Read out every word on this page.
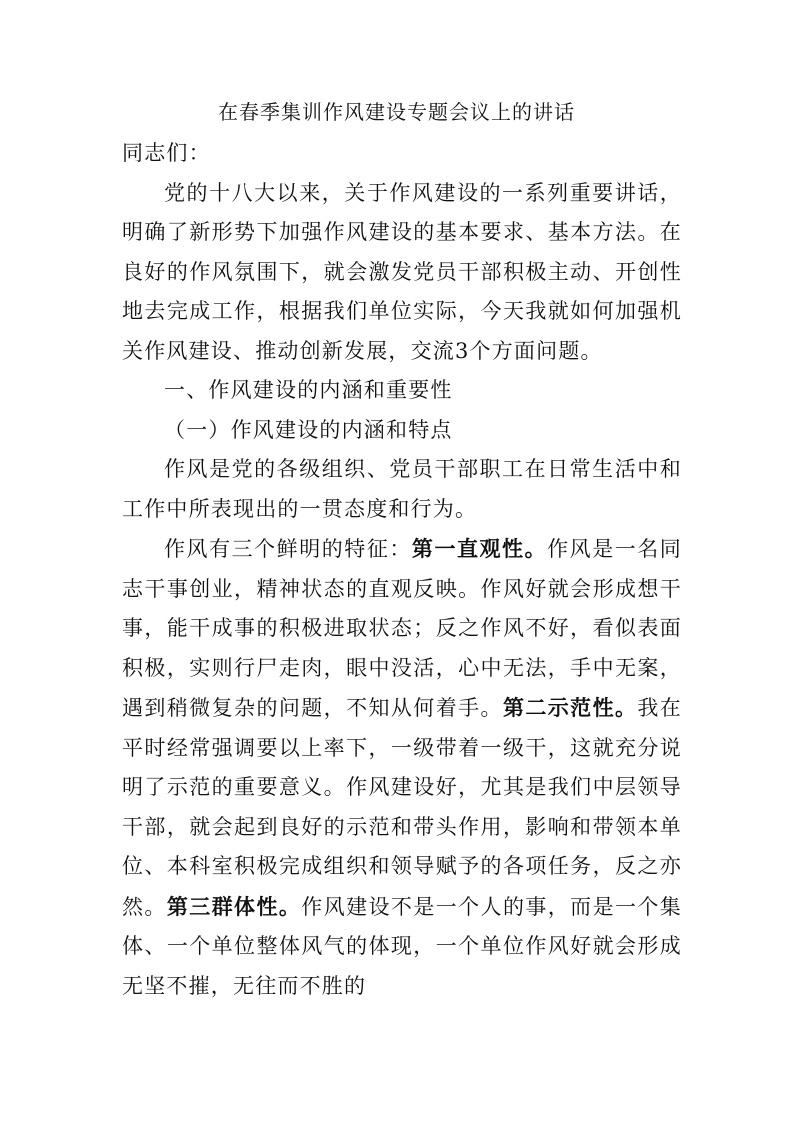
在春季集训作风建设专题会议上的讲话

同志们：

党的十八大以来，关于作风建设的一系列重要讲话，明确了新形势下加强作风建设的基本要求、基本方法。在良好的作风氛围下，就会激发党员干部积极主动、开创性地去完成工作，根据我们单位实际，今天我就如何加强机关作风建设、推动创新发展，交流3个方面问题。

一、作风建设的内涵和重要性

（一）作风建设的内涵和特点

作风是党的各级组织、党员干部职工在日常生活中和工作中所表现出的一贯态度和行为。

作风有三个鲜明的特征：第一直观性。作风是一名同志干事创业，精神状态的直观反映。作风好就会形成想干事，能干成事的积极进取状态；反之作风不好，看似表面积极，实则行尸走肉，眼中没活，心中无法，手中无案，遇到稍微复杂的问题，不知从何着手。第二示范性。我在平时经常强调要以上率下，一级带着一级干，这就充分说明了示范的重要意义。作风建设好，尤其是我们中层领导干部，就会起到良好的示范和带头作用，影响和带领本单位、本科室积极完成组织和领导赋予的各项任务，反之亦然。第三群体性。作风建设不是一个人的事，而是一个集体、一个单位整体风气的体现，一个单位作风好就会形成无坚不摧，无往而不胜的
